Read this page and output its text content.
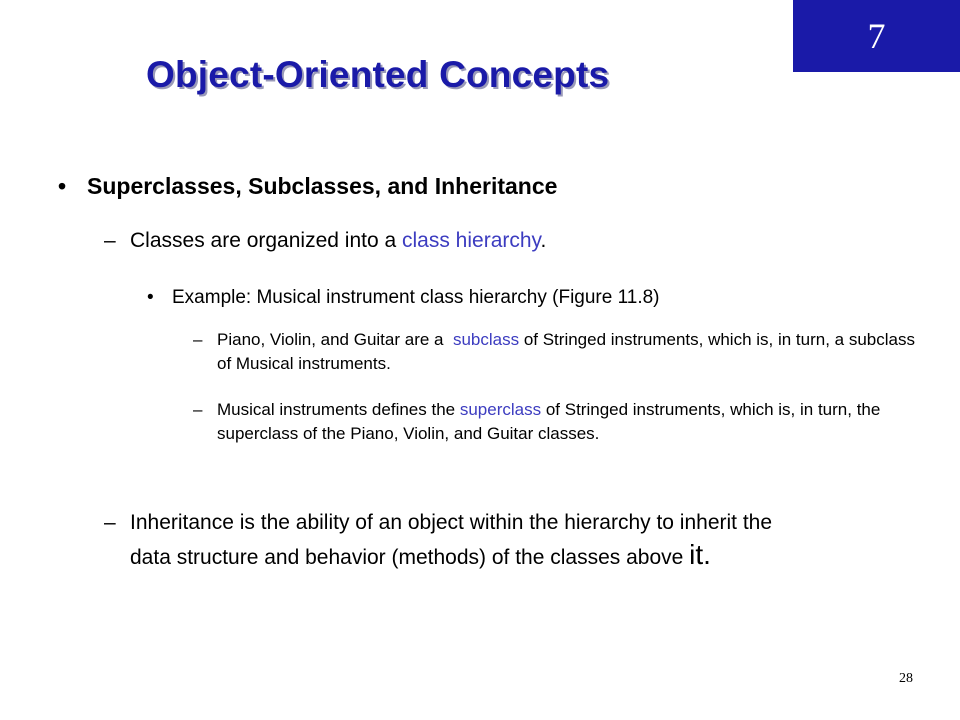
7
Object-Oriented Concepts
• Superclasses, Subclasses, and Inheritance
– Classes are organized into a class hierarchy.
• Example: Musical instrument class hierarchy (Figure 11.8)
– Piano, Violin, and Guitar are a  subclass of Stringed instruments, which is, in turn, a subclass of Musical instruments.
– Musical instruments defines the superclass of Stringed instruments, which is, in turn, the superclass of the Piano, Violin, and Guitar classes.
– Inheritance is the ability of an object within the hierarchy to inherit the data structure and behavior (methods) of the classes above it.
28
